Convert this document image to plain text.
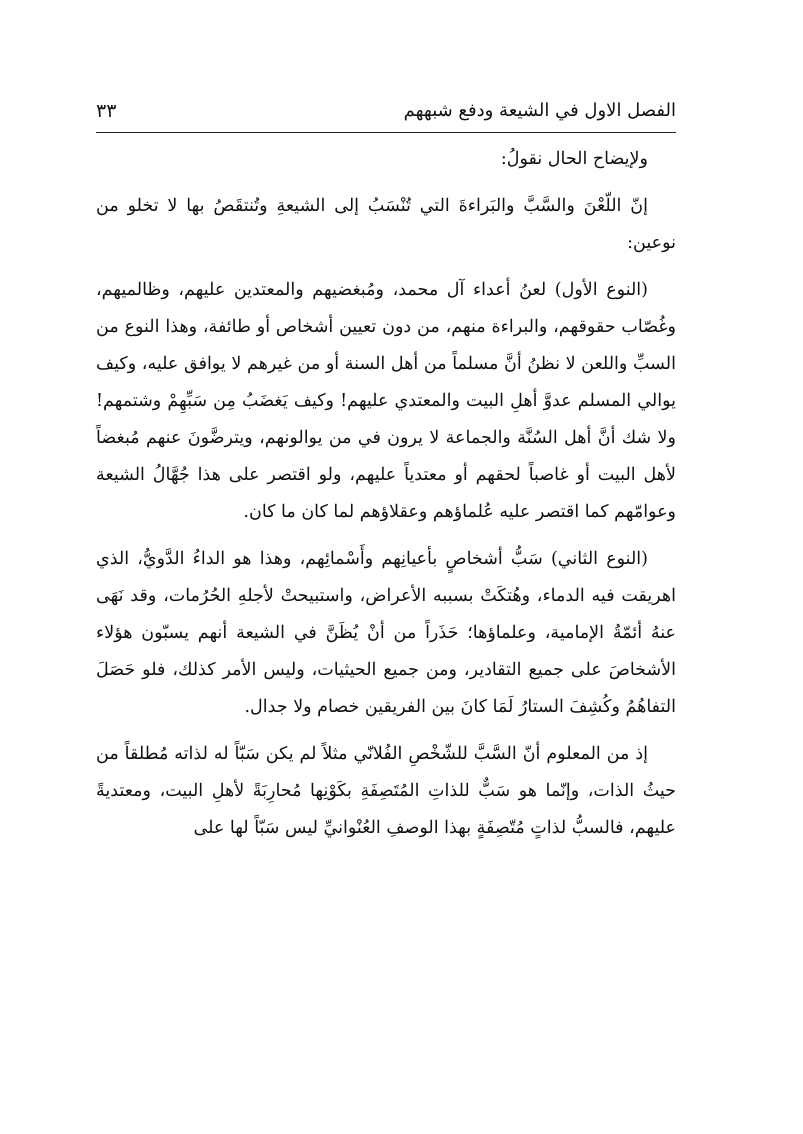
الفصل الاول في الشيعة ودفع شبههم
٣٣

ولإيضاح الحال نقولُ:

إنّ اللّعْنَ والسَّبَّ والبَراءةَ التي تُنْسَبُ إلى الشيعةِ وتُنتقَصُ بها لا تخلو من نوعين:

(النوع الأول) لعنُ أعداء آل محمد، ومُبغضيهم والمعتدين عليهم، وظالميهم، وغُصّاب حقوقهم، والبراءة منهم، من دون تعيين أشخاص أو طائفة، وهذا النوع من السبِّ واللعن لا نظنُ أنَّ مسلماً من أهل السنة أو من غيرهم لا يوافق عليه، وكيف يوالي المسلم عدوَّ أهلِ البيت والمعتدي عليهم! وكيف يَغضَبُ مِن سَبِّهِمْ وشتمهم! ولا شك أنَّ أهل السُنَّة والجماعة لا يرون في من يوالونهم، ويترضَّونَ عنهم مُبغضاً لأهل البيت أو غاصباً لحقهم أو معتدياً عليهم، ولو اقتصر على هذا جُهَّالُ الشيعة وعوامّهم كما اقتصر عليه عُلماؤهم وعقلاؤهم لما كان ما كان.

(النوع الثاني) سَبُّ أشخاصٍ بأعيانِهم وأَسْمائِهم، وهذا هو الداءُ الدَّويُّ، الذي اهريقت فيه الدماء، وهُتكَتْ بسببه الأعراض، واستبيحتْ لأجلهِ الحُرُمات، وقد نَهَى عنهُ أئمّةُ الإمامية، وعلماؤها؛ حَذَراً من أنْ يُظَنَّ في الشيعة أنهم يسبّون هؤلاء الأشخاصَ على جميع التقادير، ومن جميع الحيثيات، وليس الأمر كذلك، فلو حَصَلَ التفاهُمُ وكُشِفَ الستارُ لَمَا كانَ بين الفريقين خصام ولا جدال.

إذ من المعلوم أنّ السَّبَّ للشّخْصِ الفُلانّي مثلاً لم يكن سَبّاً له لذاته مُطلقاً من حيثُ الذات، وإنّما هو سَبٌّ للذاتِ المُتَصِفَةِ بكَوْنِها مُحارِبَةً لأهلِ البيت، ومعتديةً عليهم، فالسبُّ لذاتٍ مُتّصِفَةٍ بهذا الوصفِ العُنْوانيِّ ليس سَبّاً لها على
